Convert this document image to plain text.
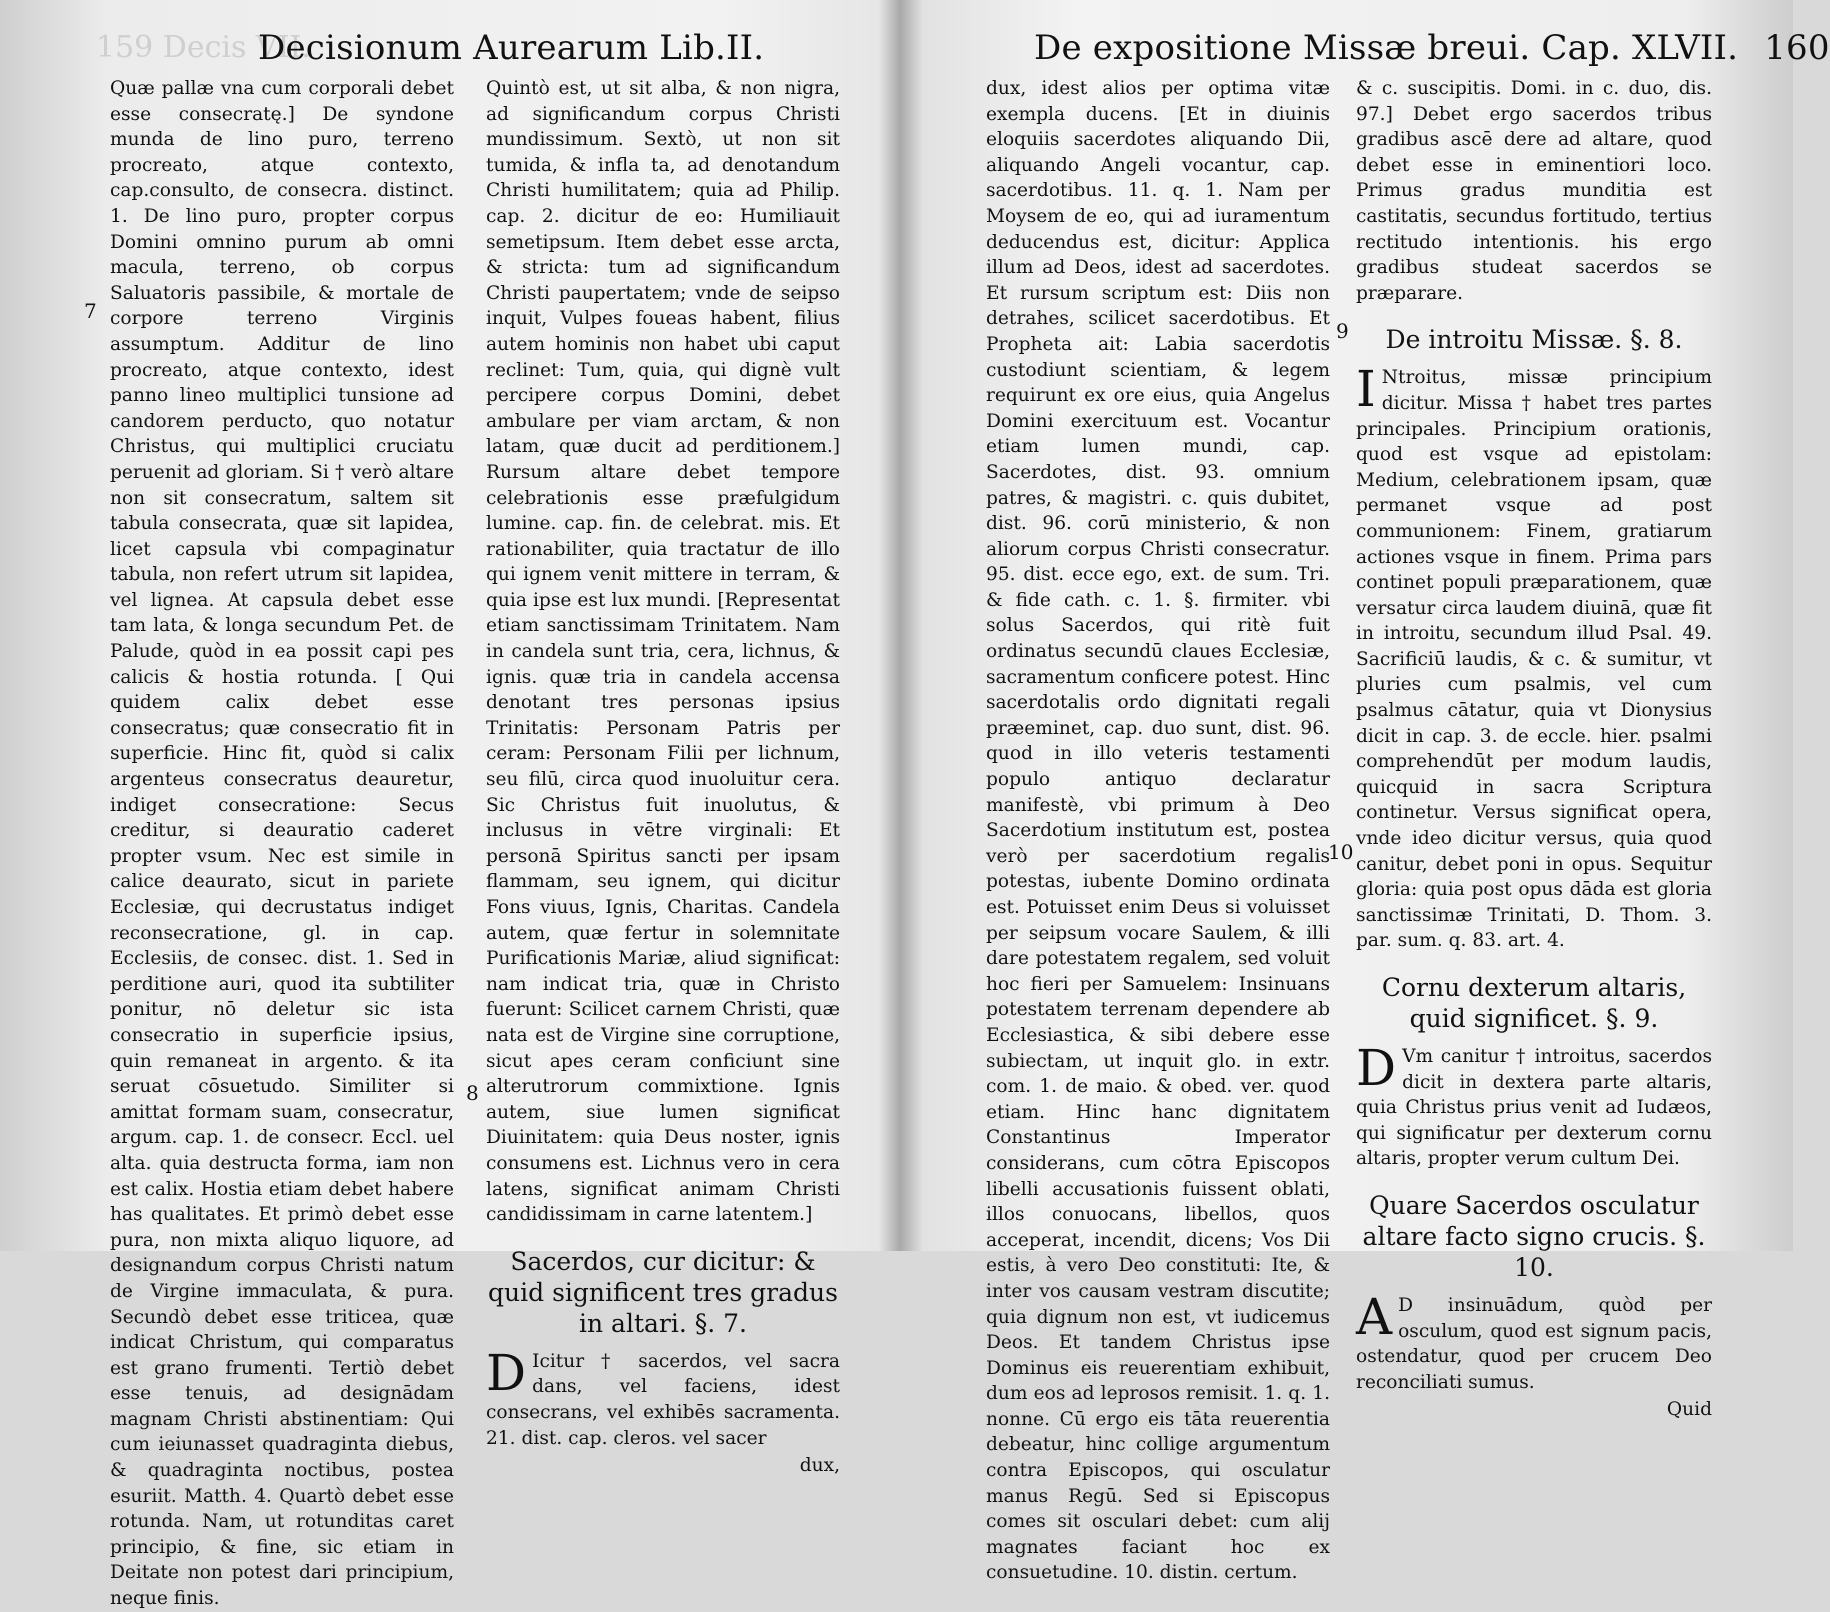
159 Decis VII.
Decisionum Aurearum Lib.II.

Quæ pallæ vna cum corporali debet esse consecratę.] De syndone munda de lino puro, terreno procreato, atque contexto, cap.consulto, de consecra. distinct. 1. De lino puro, propter corpus Domini omnino purum ab omni macula, terreno, ob corpus Saluatoris passibile, & mortale de corpore terreno Virginis assumptum. Additur de lino procreato, atque contexto, idest panno lineo multiplici tunsione ad candorem perducto, quo notatur Christus, qui multiplici cruciatu peruenit ad gloriam. Si † verò altare non sit consecratum, saltem sit tabula consecrata, quæ sit lapidea, licet capsula vbi compaginatur tabula, non refert utrum sit lapidea, vel lignea. At capsula debet esse tam lata, & longa secundum Pet. de Palude, quòd in ea possit capi pes calicis & hostia rotunda. [ Qui quidem calix debet esse consecratus; quæ consecratio fit in superficie. Hinc fit, quòd si calix argenteus consecratus deauretur, indiget consecratione: Secus creditur, si deauratio caderet propter vsum. Nec est simile in calice deaurato, sicut in pariete Ecclesiæ, qui decrustatus indiget reconsecratione, gl. in cap. Ecclesiis, de consec. dist. 1. Sed in perditione auri, quod ita subtiliter ponitur, nō deletur sic ista consecratio in superficie ipsius, quin remaneat in argento. & ita seruat cōsuetudo. Similiter si amittat formam suam, consecratur, argum. cap. 1. de consecr. Eccl. uel alta. quia destructa forma, iam non est calix. Hostia etiam debet habere has qualitates. Et primò debet esse pura, non mixta aliquo liquore, ad designandum corpus Christi natum de Virgine immaculata, & pura. Secundò debet esse triticea, quæ indicat Christum, qui comparatus est grano frumenti. Tertiò debet esse tenuis, ad designādam magnam Christi abstinentiam: Qui cum ieiunasset quadraginta diebus, & quadraginta noctibus, postea esuriit. Matth. 4. Quartò debet esse rotunda. Nam, ut rotunditas caret principio, & fine, sic etiam in Deitate non potest dari principium, neque finis.

7

Quintò est, ut sit alba, & non nigra, ad significandum corpus Christi mundissimum. Sextò, ut non sit tumida, & infla ta, ad denotandum Christi humilitatem; quia ad Philip. cap. 2. dicitur de eo: Humiliauit semetipsum. Item debet esse arcta, & stricta: tum ad significandum Christi paupertatem; vnde de seipso inquit, Vulpes foueas habent, filius autem hominis non habet ubi caput reclinet: Tum, quia, qui dignè vult percipere corpus Domini, debet ambulare per viam arctam, & non latam, quæ ducit ad perditionem.] Rursum altare debet tempore celebrationis esse præfulgidum lumine. cap. fin. de celebrat. mis. Et rationabiliter, quia tractatur de illo qui ignem venit mittere in terram, & quia ipse est lux mundi. [Representat etiam sanctissimam Trinitatem. Nam in candela sunt tria, cera, lichnus, & ignis. quæ tria in candela accensa denotant tres personas ipsius Trinitatis: Personam Patris per ceram: Personam Filii per lichnum, seu filū, circa quod inuoluitur cera. Sic Christus fuit inuolutus, & inclusus in vētre virginali: Et personā Spiritus sancti per ipsam flammam, seu ignem, qui dicitur Fons viuus, Ignis, Charitas. Candela autem, quæ fertur in solemnitate Purificationis Mariæ, aliud significat: nam indicat tria, quæ in Christo fuerunt: Scilicet carnem Christi, quæ nata est de Virgine sine corruptione, sicut apes ceram conficiunt sine alterutrorum commixtione. Ignis autem, siue lumen significat Diuinitatem: quia Deus noster, ignis consumens est. Lichnus vero in cera latens, significat animam Christi candidissimam in carne latentem.]

Sacerdos, cur dicitur: & quid significent tres gradus in altari. §. 7.

D Icitur † sacerdos, vel sacra dans, vel faciens, idest consecrans, vel exhibēs sacramenta. 21. dist. cap. cleros. vel sacer

dux,
8
De expositione Missæ breui. Cap. XLVII. 160

dux, idest alios per optima vitæ exempla ducens. [Et in diuinis eloquiis sacerdotes aliquando Dii, aliquando Angeli vocantur, cap. sacerdotibus. 11. q. 1. Nam per Moysem de eo, qui ad iuramentum deducendus est, dicitur: Applica illum ad Deos, idest ad sacerdotes. Et rursum scriptum est: Diis non detrahes, scilicet sacerdotibus. Et Propheta ait: Labia sacerdotis custodiunt scientiam, & legem requirunt ex ore eius, quia Angelus Domini exercituum est. Vocantur etiam lumen mundi, cap. Sacerdotes, dist. 93. omnium patres, & magistri. c. quis dubitet, dist. 96. corū ministerio, & non aliorum corpus Christi consecratur. 95. dist. ecce ego, ext. de sum. Tri. & fide cath. c. 1. §. firmiter. vbi solus Sacerdos, qui ritè fuit ordinatus secundū claues Ecclesiæ, sacramentum conficere potest. Hinc sacerdotalis ordo dignitati regali præeminet, cap. duo sunt, dist. 96. quod in illo veteris testamenti populo antiquo declaratur manifestè, vbi primum à Deo Sacerdotium institutum est, postea verò per sacerdotium regalis potestas, iubente Domino ordinata est. Potuisset enim Deus si voluisset per seipsum vocare Saulem, & illi dare potestatem regalem, sed voluit hoc fieri per Samuelem: Insinuans potestatem terrenam dependere ab Ecclesiastica, & sibi debere esse subiectam, ut inquit glo. in extr. com. 1. de maio. & obed. ver. quod etiam. Hinc hanc dignitatem Constantinus Imperator considerans, cum cōtra Episcopos libelli accusationis fuissent oblati, illos conuocans, libellos, quos acceperat, incendit, dicens; Vos Dii estis, à vero Deo constituti: Ite, & inter vos causam vestram discutite; quia dignum non est, vt iudicemus Deos. Et tandem Christus ipse Dominus eis reuerentiam exhibuit, dum eos ad leprosos remisit. 1. q. 1. nonne. Cū ergo eis tāta reuerentia debeatur, hinc collige argumentum contra Episcopos, qui osculatur manus Regū. Sed si Episcopus comes sit osculari debet: cum alij magnates faciant hoc ex consuetudine. 10. distin. certum.

& c. suscipitis. Domi. in c. duo, dis. 97.] Debet ergo sacerdos tribus gradibus ascē dere ad altare, quod debet esse in eminentiori loco. Primus gradus munditia est castitatis, secundus fortitudo, tertius rectitudo intentionis. his ergo gradibus studeat sacerdos se præparare.

De introitu Missæ. §. 8.

I Ntroitus, missæ principium dicitur. Missa † habet tres partes principales. Principium orationis, quod est vsque ad epistolam: Medium, celebrationem ipsam, quæ permanet vsque ad post communionem: Finem, gratiarum actiones vsque in finem. Prima pars continet populi præparationem, quæ versatur circa laudem diuinā, quæ fit in introitu, secundum illud Psal. 49. Sacrificiū laudis, & c. & sumitur, vt pluries cum psalmis, vel cum psalmus cātatur, quia vt Dionysius dicit in cap. 3. de eccle. hier. psalmi comprehendūt per modum laudis, quicquid in sacra Scriptura continetur. Versus significat opera, vnde ideo dicitur versus, quia quod canitur, debet poni in opus. Sequitur gloria: quia post opus dāda est gloria sanctissimæ Trinitati, D. Thom. 3. par. sum. q. 83. art. 4.

Cornu dexterum altaris, quid significet. §. 9.

D Vm canitur † introitus, sacerdos dicit in dextera parte altaris, quia Christus prius venit ad Iudæos, qui significatur per dexterum cornu altaris, propter verum cultum Dei.

Quare Sacerdos osculatur altare facto signo crucis. §. 10.

A D insinuādum, quòd per osculum, quod est signum pacis, ostendatur, quod per crucem Deo reconciliati sumus.

Quid
9
10
